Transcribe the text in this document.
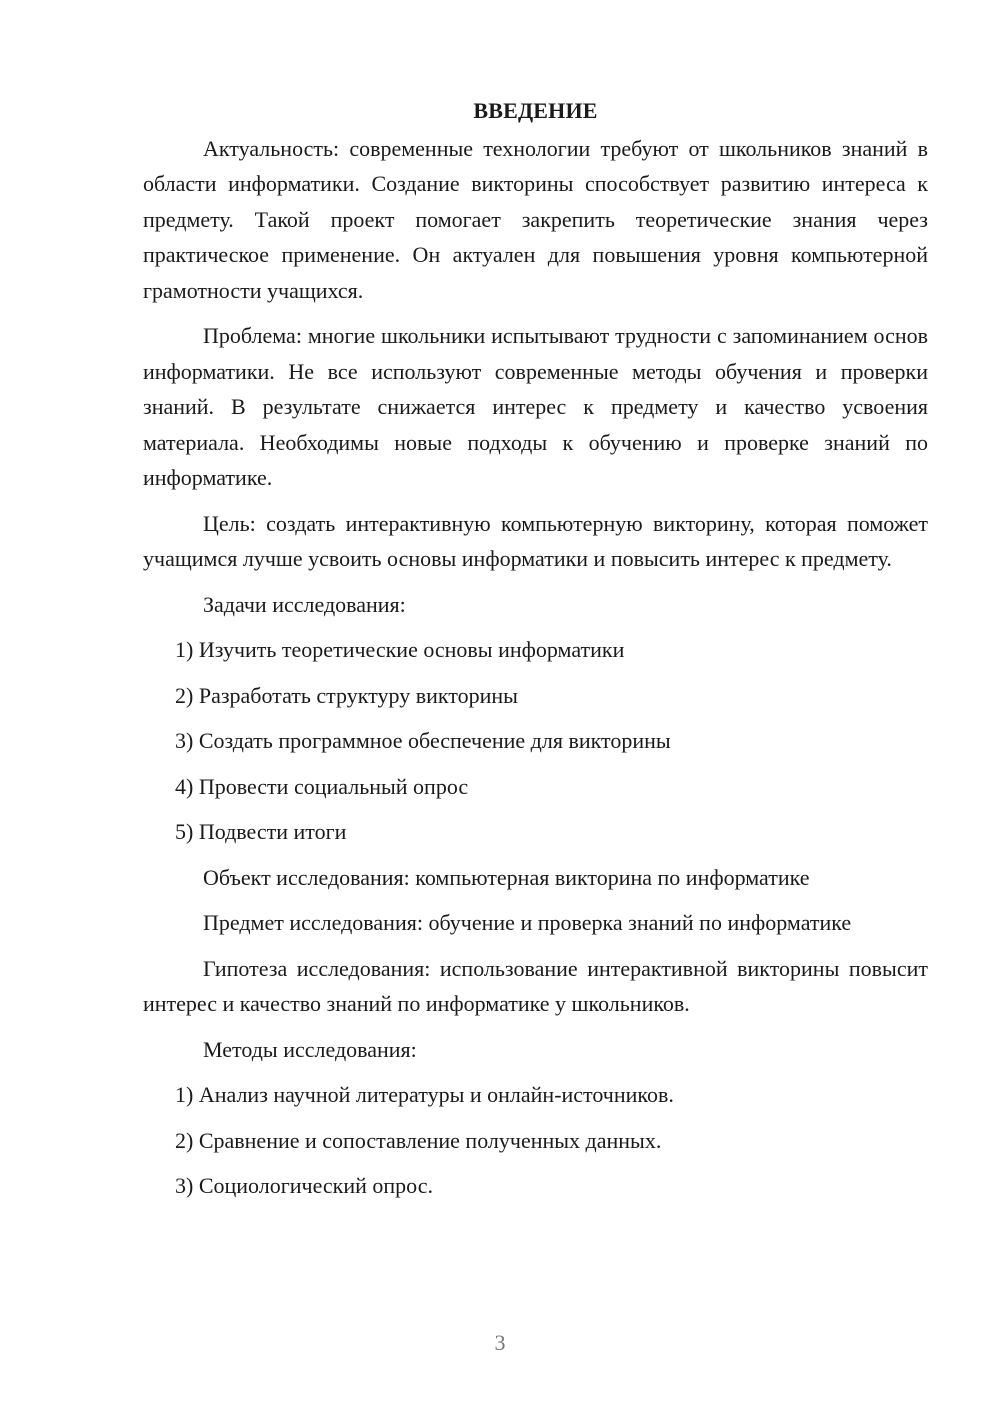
ВВЕДЕНИЕ

Актуальность: современные технологии требуют от школьников знаний в области информатики. Создание викторины способствует развитию интереса к предмету. Такой проект помогает закрепить теоретические знания через практическое применение. Он актуален для повышения уровня компьютерной грамотности учащихся.

Проблема: многие школьники испытывают трудности с запоминанием основ информатики. Не все используют современные методы обучения и проверки знаний. В результате снижается интерес к предмету и качество усвоения материала. Необходимы новые подходы к обучению и проверке знаний по информатике.

Цель: создать интерактивную компьютерную викторину, которая поможет учащимся лучше усвоить основы информатики и повысить интерес к предмету.

Задачи исследования:

1) Изучить теоретические основы информатики
2) Разработать структуру викторины
3) Создать программное обеспечение для викторины
4) Провести социальный опрос
5) Подвести итоги

Объект исследования: компьютерная викторина по информатике

Предмет исследования: обучение и проверка знаний по информатике

Гипотеза исследования: использование интерактивной викторины повысит интерес и качество знаний по информатике у школьников.

Методы исследования:

1) Анализ научной литературы и онлайн-источников.
2) Сравнение и сопоставление полученных данных.
3) Социологический опрос.
3
